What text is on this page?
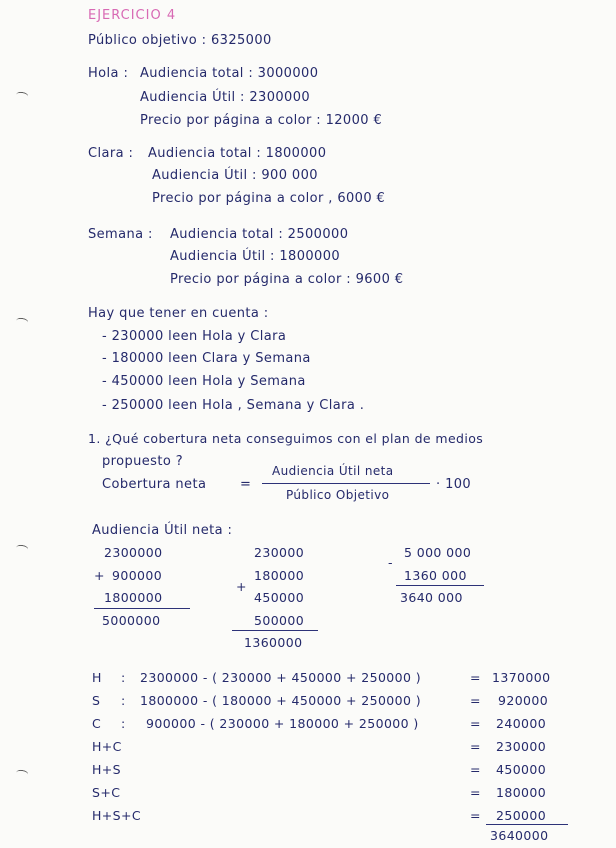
EJERCICIO 4
Público objetivo : 6325000
Hola : Audiencia total : 3000000
Audiencia Útil : 2300000
Precio por página a color : 12000 €
Clara : Audiencia total : 1800000
Audiencia Útil : 900 000
Precio por página a color , 6000 €
Semana : Audiencia total : 2500000
Audiencia Útil : 1800000
Precio por página a color : 9600 €
Hay que tener en cuenta :
- 230000 leen Hola y Clara
- 180000 leen Clara y Semana
- 450000 leen Hola y Semana
- 250000 leen Hola , Semana y Clara .
1. ¿Qué cobertura neta conseguimos con el plan de medios
propuesto ?
Cobertura neta	=
Audiencia Útil neta
Público Objetivo
· 100
Audiencia Útil neta :
2300000
+ 900000
1800000
5000000
230000
180000
+
450000
500000
1360000
5 000 000
-
1360 000
3640 000
H : 2300000 - ( 230000 + 450000 + 250000 )	= 1370000
S : 1800000 - ( 180000 + 450000 + 250000 )	= 920000
C : 900000 - ( 230000 + 180000 + 250000 )	= 240000
H+C	= 230000
H+S	= 450000
S+C	= 180000
H+S+C	= 250000
3640000
